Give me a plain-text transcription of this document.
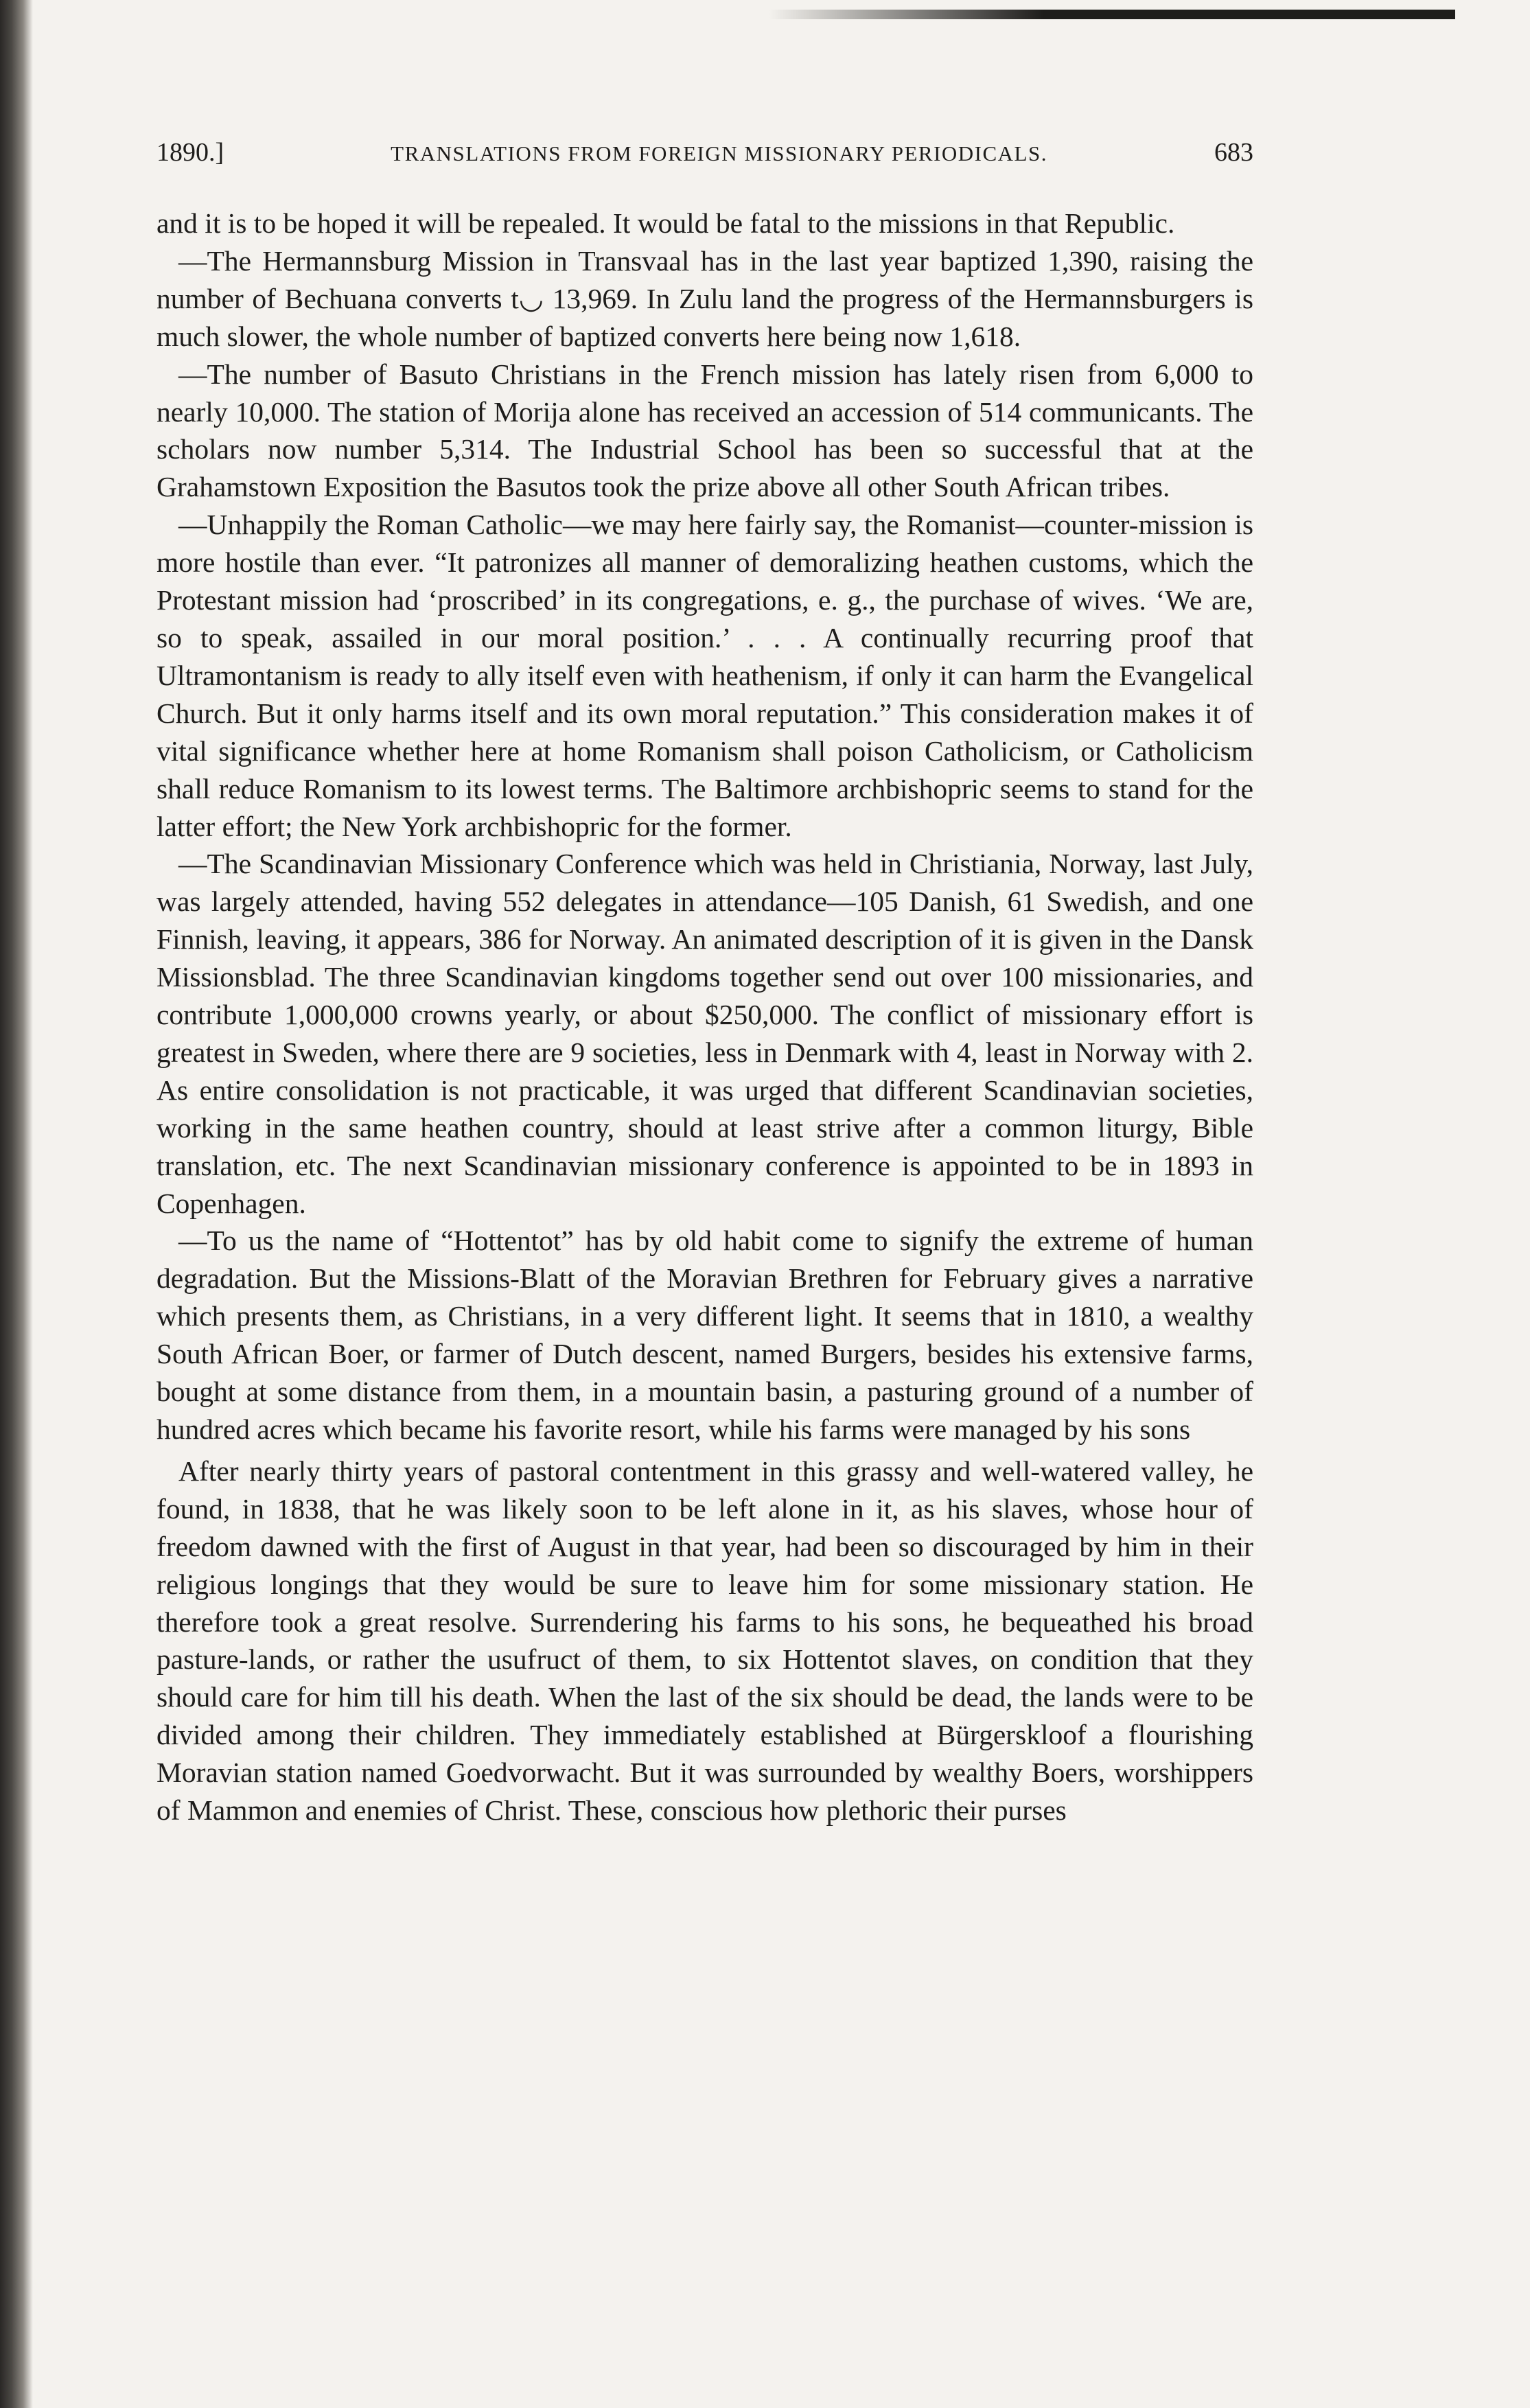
1890.]	TRANSLATIONS FROM FOREIGN MISSIONARY PERIODICALS.	683

and it is to be hoped it will be repealed. It would be fatal to the missions in that Republic.

—The Hermannsburg Mission in Transvaal has in the last year baptized 1,390, raising the number of Bechuana converts t◡ 13,969. In Zulu land the progress of the Hermannsburgers is much slower, the whole number of baptized converts here being now 1,618.

—The number of Basuto Christians in the French mission has lately risen from 6,000 to nearly 10,000. The station of Morija alone has received an accession of 514 communicants. The scholars now number 5,314. The Industrial School has been so successful that at the Grahamstown Exposition the Basutos took the prize above all other South African tribes.

—Unhappily the Roman Catholic—we may here fairly say, the Romanist—counter-mission is more hostile than ever. “It patronizes all manner of demoralizing heathen customs, which the Protestant mission had ‘proscribed’ in its congregations, e. g., the purchase of wives. ‘We are, so to speak, assailed in our moral position.’ . . . A continually recurring proof that Ultramontanism is ready to ally itself even with heathenism, if only it can harm the Evangelical Church. But it only harms itself and its own moral reputation.” This consideration makes it of vital significance whether here at home Romanism shall poison Catholicism, or Catholicism shall reduce Romanism to its lowest terms. The Baltimore archbishopric seems to stand for the latter effort; the New York archbishopric for the former.

—The Scandinavian Missionary Conference which was held in Christiania, Norway, last July, was largely attended, having 552 delegates in attendance—105 Danish, 61 Swedish, and one Finnish, leaving, it appears, 386 for Norway. An animated description of it is given in the Dansk Missionsblad. The three Scandinavian kingdoms together send out over 100 missionaries, and contribute 1,000,000 crowns yearly, or about $250,000. The conflict of missionary effort is greatest in Sweden, where there are 9 societies, less in Denmark with 4, least in Norway with 2. As entire consolidation is not practicable, it was urged that different Scandinavian societies, working in the same heathen country, should at least strive after a common liturgy, Bible translation, etc. The next Scandinavian missionary conference is appointed to be in 1893 in Copenhagen.

—To us the name of “Hottentot” has by old habit come to signify the extreme of human degradation. But the Missions-Blatt of the Moravian Brethren for February gives a narrative which presents them, as Christians, in a very different light. It seems that in 1810, a wealthy South African Boer, or farmer of Dutch descent, named Burgers, besides his extensive farms, bought at some distance from them, in a mountain basin, a pasturing ground of a number of hundred acres which became his favorite resort, while his farms were managed by his sons

After nearly thirty years of pastoral contentment in this grassy and well-watered valley, he found, in 1838, that he was likely soon to be left alone in it, as his slaves, whose hour of freedom dawned with the first of August in that year, had been so discouraged by him in their religious longings that they would be sure to leave him for some missionary station. He therefore took a great resolve. Surrendering his farms to his sons, he bequeathed his broad pasture-lands, or rather the usufruct of them, to six Hottentot slaves, on condition that they should care for him till his death. When the last of the six should be dead, the lands were to be divided among their children. They immediately established at Bürgerskloof a flourishing Moravian station named Goedvorwacht. But it was surrounded by wealthy Boers, worshippers of Mammon and enemies of Christ. These, conscious how plethoric their purses
